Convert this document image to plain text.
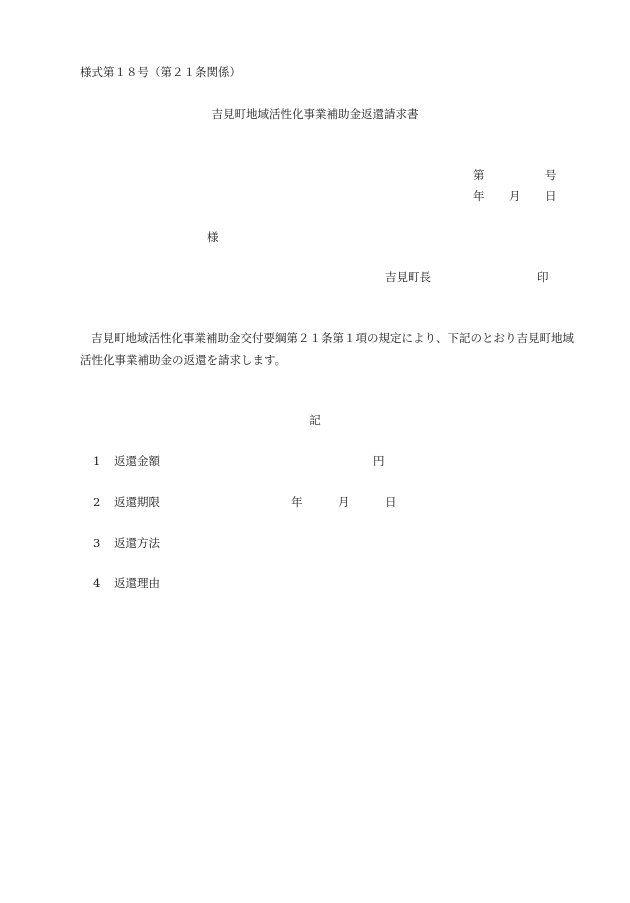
様式第１８号（第２１条関係）
吉見町地域活性化事業補助金返還請求書
第	号
年 月 日
様
吉見町長	印
吉見町地域活性化事業補助金交付要綱第２１条第１項の規定により、下記のとおり吉見町地域活性化事業補助金の返還を請求します。
記
1 返還金額	円
2 返還期限	年	月	日
3 返還方法
4 返還理由
